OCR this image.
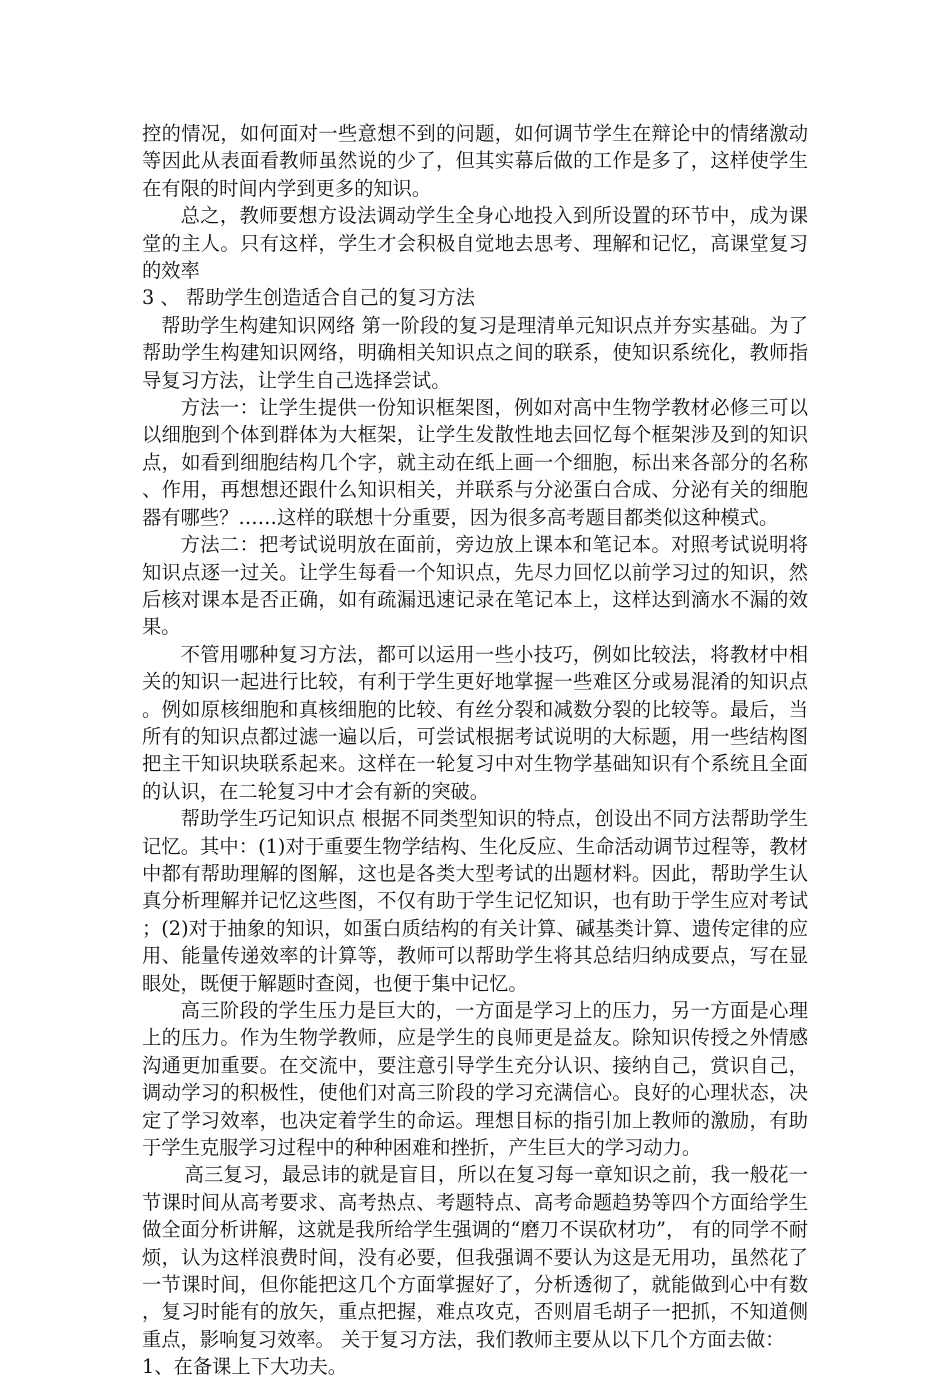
控的情况，如何面对一些意想不到的问题，如何调节学生在辩论中的情绪激动等因此从表面看教师虽然说的少了，但其实幕后做的工作是多了，这样使学生在有限的时间内学到更多的知识。

总之，教师要想方设法调动学生全身心地投入到所设置的环节中，成为课堂的主人。只有这样，学生才会积极自觉地去思考、理解和记忆，高课堂复习的效率

3 、 帮助学生创造适合自己的复习方法

帮助学生构建知识网络 第一阶段的复习是理清单元知识点并夯实基础。为了帮助学生构建知识网络，明确相关知识点之间的联系，使知识系统化，教师指导复习方法，让学生自己选择尝试。

方法一：让学生提供一份知识框架图，例如对高中生物学教材必修三可以以细胞到个体到群体为大框架，让学生发散性地去回忆每个框架涉及到的知识点，如看到细胞结构几个字，就主动在纸上画一个细胞，标出来各部分的名称、作用，再想想还跟什么知识相关，并联系与分泌蛋白合成、分泌有关的细胞器有哪些？……这样的联想十分重要，因为很多高考题目都类似这种模式。

方法二：把考试说明放在面前，旁边放上课本和笔记本。对照考试说明将知识点逐一过关。让学生每看一个知识点，先尽力回忆以前学习过的知识，然后核对课本是否正确，如有疏漏迅速记录在笔记本上，这样达到滴水不漏的效果。

不管用哪种复习方法，都可以运用一些小技巧，例如比较法，将教材中相关的知识一起进行比较，有利于学生更好地掌握一些难区分或易混淆的知识点。例如原核细胞和真核细胞的比较、有丝分裂和减数分裂的比较等。最后，当所有的知识点都过滤一遍以后，可尝试根据考试说明的大标题，用一些结构图把主干知识块联系起来。这样在一轮复习中对生物学基础知识有个系统且全面的认识，在二轮复习中才会有新的突破。

帮助学生巧记知识点 根据不同类型知识的特点，创设出不同方法帮助学生记忆。其中：(1)对于重要生物学结构、生化反应、生命活动调节过程等，教材中都有帮助理解的图解，这也是各类大型考试的出题材料。因此，帮助学生认真分析理解并记忆这些图，不仅有助于学生记忆知识，也有助于学生应对考试；(2)对于抽象的知识，如蛋白质结构的有关计算、碱基类计算、遗传定律的应用、能量传递效率的计算等，教师可以帮助学生将其总结归纳成要点，写在显眼处，既便于解题时查阅，也便于集中记忆。

高三阶段的学生压力是巨大的，一方面是学习上的压力，另一方面是心理上的压力。作为生物学教师，应是学生的良师更是益友。除知识传授之外情感沟通更加重要。在交流中，要注意引导学生充分认识、接纳自己，赏识自己，调动学习的积极性，使他们对高三阶段的学习充满信心。良好的心理状态，决定了学习效率，也决定着学生的命运。理想目标的指引加上教师的激励，有助于学生克服学习过程中的种种困难和挫折，产生巨大的学习动力。

高三复习，最忌讳的就是盲目，所以在复习每一章知识之前，我一般花一节课时间从高考要求、高考热点、考题特点、高考命题趋势等四个方面给学生做全面分析讲解，这就是我所给学生强调的“磨刀不误砍材功”， 有的同学不耐烦，认为这样浪费时间，没有必要，但我强调不要认为这是无用功，虽然花了一节课时间，但你能把这几个方面掌握好了，分析透彻了，就能做到心中有数，复习时能有的放矢，重点把握，难点攻克，否则眉毛胡子一把抓，不知道侧重点，影响复习效率。 关于复习方法，我们教师主要从以下几个方面去做：

1、在备课上下大功夫。
